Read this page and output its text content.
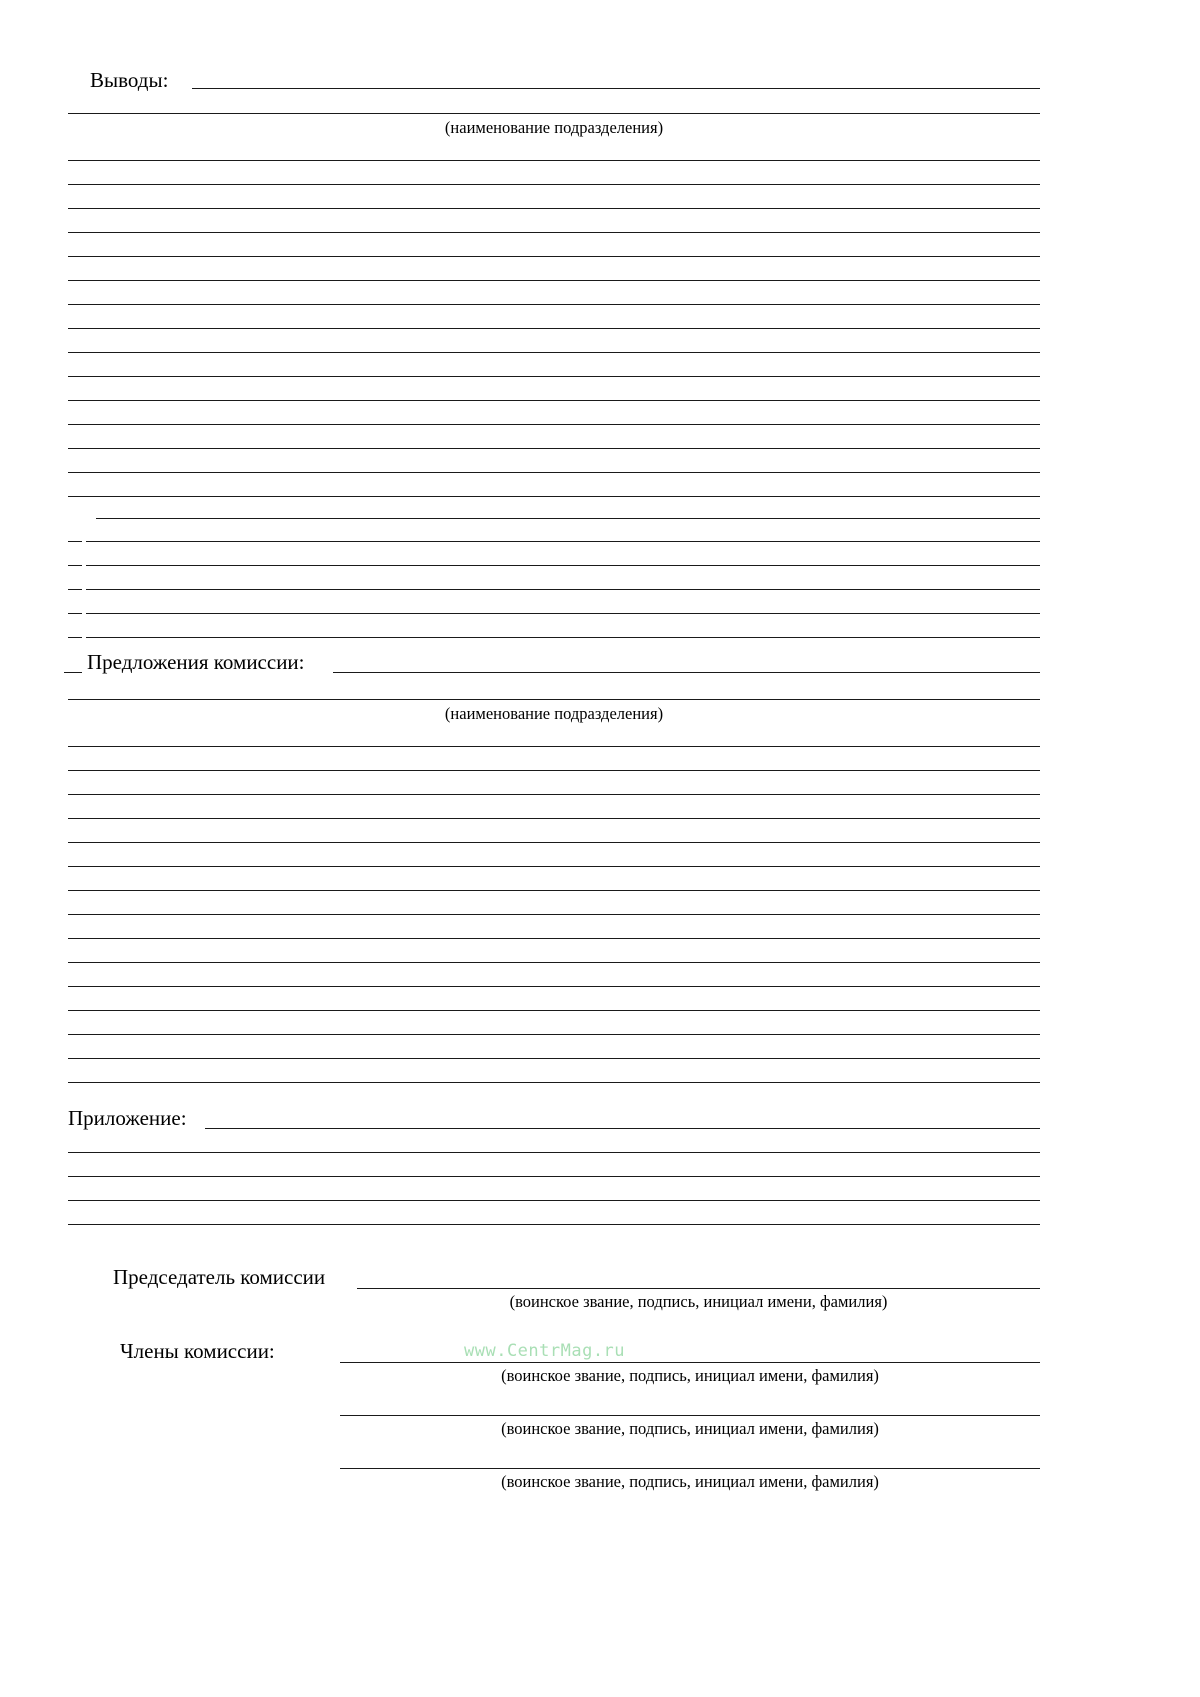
Выводы:
(наименование подразделения)
Предложения комиссии:
(наименование подразделения)
Приложение:
Председатель комиссии
(воинское звание, подпись, инициал имени, фамилия)
Члены комиссии:	www.CentrMag.ru
(воинское звание, подпись, инициал имени, фамилия)
(воинское звание, подпись, инициал имени, фамилия)
(воинское звание, подпись, инициал имени, фамилия)
